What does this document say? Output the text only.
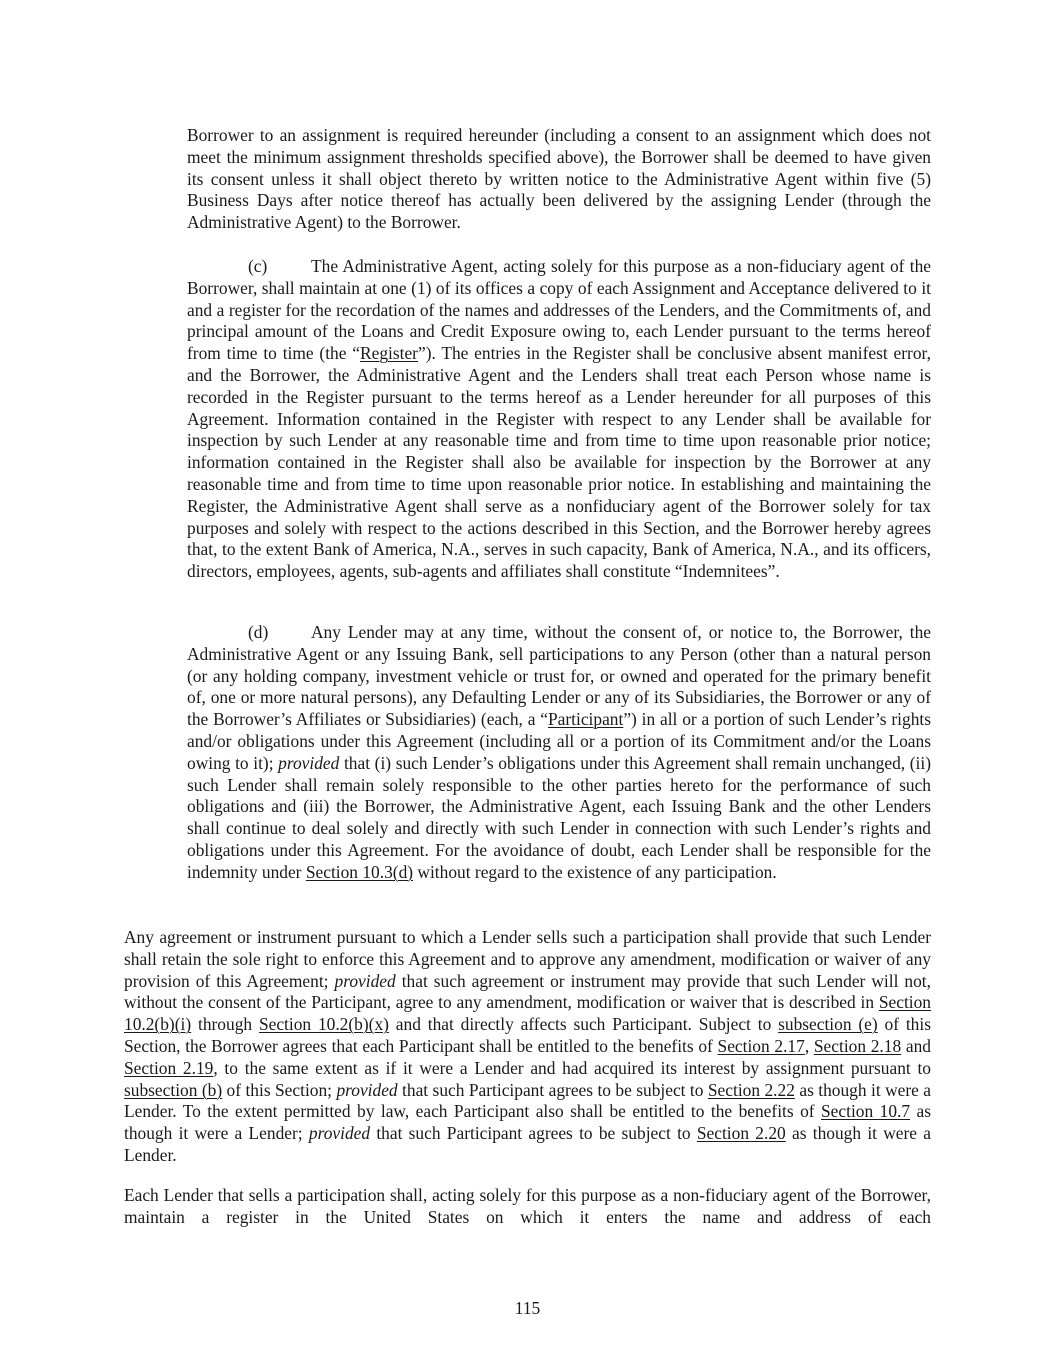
Borrower to an assignment is required hereunder (including a consent to an assignment which does not meet the minimum assignment thresholds specified above), the Borrower shall be deemed to have given its consent unless it shall object thereto by written notice to the Administrative Agent within five (5) Business Days after notice thereof has actually been delivered by the assigning Lender (through the Administrative Agent) to the Borrower.

(c)	The Administrative Agent, acting solely for this purpose as a non-fiduciary agent of the Borrower, shall maintain at one (1) of its offices a copy of each Assignment and Acceptance delivered to it and a register for the recordation of the names and addresses of the Lenders, and the Commitments of, and principal amount of the Loans and Credit Exposure owing to, each Lender pursuant to the terms hereof from time to time (the “Register”). The entries in the Register shall be conclusive absent manifest error, and the Borrower, the Administrative Agent and the Lenders shall treat each Person whose name is recorded in the Register pursuant to the terms hereof as a Lender hereunder for all purposes of this Agreement. Information contained in the Register with respect to any Lender shall be available for inspection by such Lender at any reasonable time and from time to time upon reasonable prior notice; information contained in the Register shall also be available for inspection by the Borrower at any reasonable time and from time to time upon reasonable prior notice. In establishing and maintaining the Register, the Administrative Agent shall serve as a nonfiduciary agent of the Borrower solely for tax purposes and solely with respect to the actions described in this Section, and the Borrower hereby agrees that, to the extent Bank of America, N.A., serves in such capacity, Bank of America, N.A., and its officers, directors, employees, agents, sub-agents and affiliates shall constitute “Indemnitees”.

(d) Any Lender may at any time, without the consent of, or notice to, the Borrower, the Administrative Agent or any Issuing Bank, sell participations to any Person (other than a natural person (or any holding company, investment vehicle or trust for, or owned and operated for the primary benefit of, one or more natural persons), any Defaulting Lender or any of its Subsidiaries, the Borrower or any of the Borrower’s Affiliates or Subsidiaries) (each, a “Participant”) in all or a portion of such Lender’s rights and/or obligations under this Agreement (including all or a portion of its Commitment and/or the Loans owing to it); provided that (i) such Lender’s obligations under this Agreement shall remain unchanged, (ii) such Lender shall remain solely responsible to the other parties hereto for the performance of such obligations and (iii) the Borrower, the Administrative Agent, each Issuing Bank and the other Lenders shall continue to deal solely and directly with such Lender in connection with such Lender’s rights and obligations under this Agreement. For the avoidance of doubt, each Lender shall be responsible for the indemnity under Section 10.3(d) without regard to the existence of any participation.

Any agreement or instrument pursuant to which a Lender sells such a participation shall provide that such Lender shall retain the sole right to enforce this Agreement and to approve any amendment, modification or waiver of any provision of this Agreement; provided that such agreement or instrument may provide that such Lender will not, without the consent of the Participant, agree to any amendment, modification or waiver that is described in Section 10.2(b)(i) through Section 10.2(b)(x) and that directly affects such Participant. Subject to subsection (e) of this Section, the Borrower agrees that each Participant shall be entitled to the benefits of Section 2.17, Section 2.18 and Section 2.19, to the same extent as if it were a Lender and had acquired its interest by assignment pursuant to subsection (b) of this Section; provided that such Participant agrees to be subject to Section 2.22 as though it were a Lender. To the extent permitted by law, each Participant also shall be entitled to the benefits of Section 10.7 as though it were a Lender; provided that such Participant agrees to be subject to Section 2.20 as though it were a Lender.

Each Lender that sells a participation shall, acting solely for this purpose as a non-fiduciary agent of the Borrower, maintain a register in the United States on which it enters the name and address of each

115
